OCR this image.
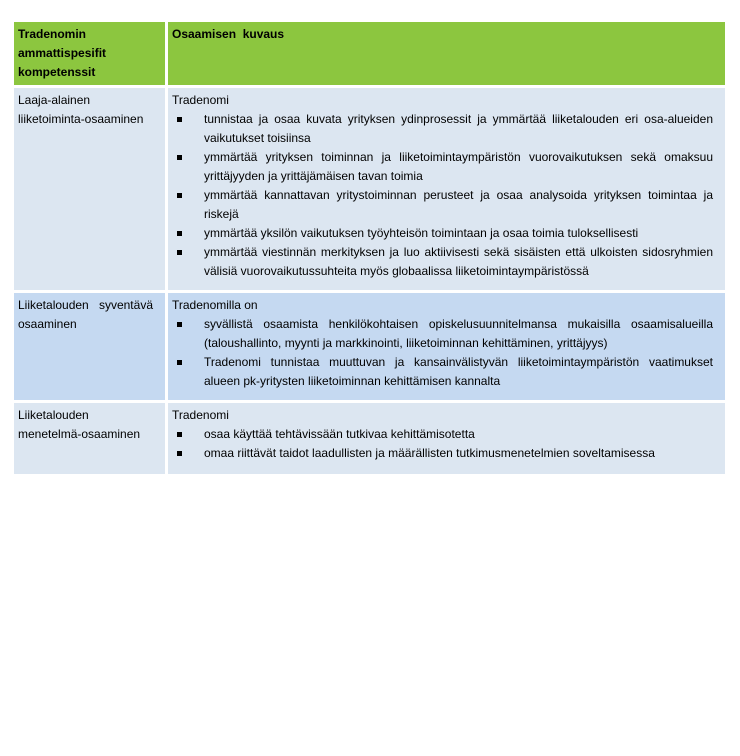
Tradenomin ammattispesifit kompetenssit
Osaamisen  kuvaus
Laaja-alainen liiketoiminta-osaaminen
Tradenomi
tunnistaa ja osaa kuvata yrityksen ydinprosessit ja ymmärtää liiketalouden eri osa-alueiden vaikutukset toisiinsa
ymmärtää yrityksen toiminnan ja liiketoimintaympäristön vuorovaikutuksen sekä omaksuu yrittäjyyden ja yrittäjämäisen tavan toimia
ymmärtää kannattavan yritystoiminnan perusteet ja osaa analysoida yrityksen toimintaa ja riskejä
ymmärtää yksilön vaikutuksen työyhteisön toimintaan ja osaa toimia tuloksellisesti
ymmärtää viestinnän merkityksen ja luo aktiivisesti sekä sisäisten että ulkoisten sidosryhmien välisiä vuorovaikutussuhteita myös globaalissa liiketoimintaympäristössä
Liiketalouden syventävä osaaminen
Tradenomilla on
syvällistä osaamista henkilökohtaisen opiskelusuunnitelmansa mukaisilla osaamisalueilla (taloushallinto, myynti ja markkinointi, liiketoiminnan kehittäminen, yrittäjyys)
Tradenomi tunnistaa muuttuvan ja kansainvälistyvän liiketoimintaympäristön vaatimukset alueen pk-yritysten liiketoiminnan kehittämisen kannalta
Liiketalouden menetelmä-osaaminen
Tradenomi
osaa käyttää tehtävissään tutkivaa kehittämisotetta
omaa riittävät taidot laadullisten ja määrällisten tutkimusmenetelmien soveltamisessa
